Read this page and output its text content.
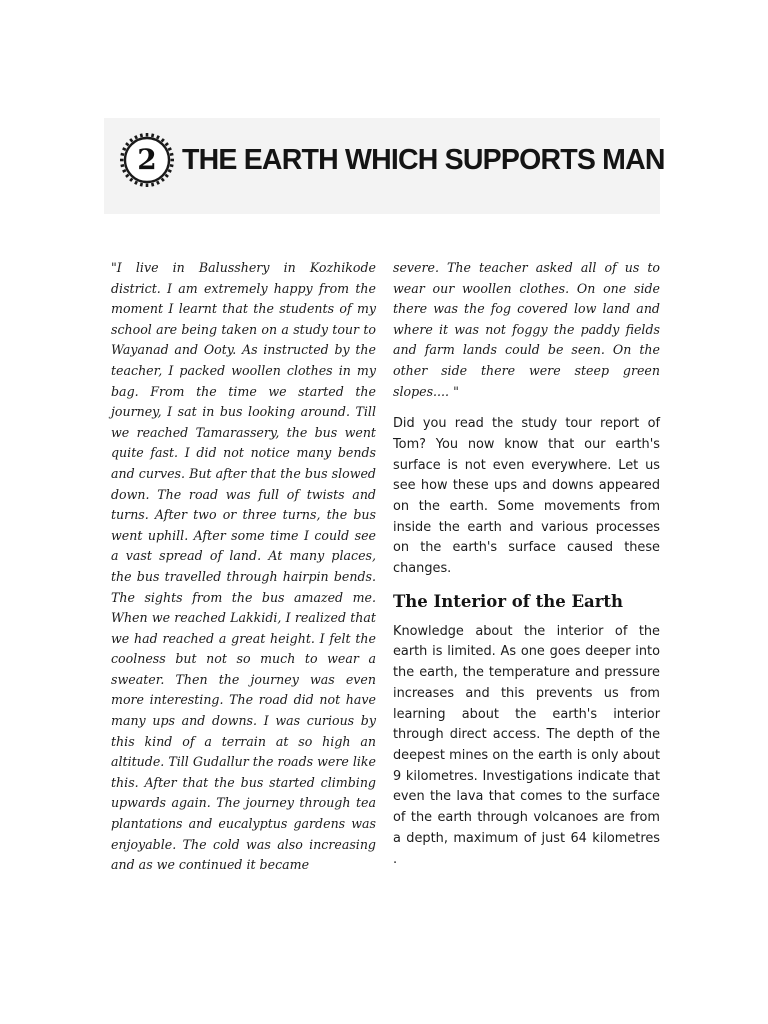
2 THE EARTH WHICH SUPPORTS MAN
"I live in Balusshery in Kozhikode district. I am extremely happy from the moment I learnt that the students of my school are being taken on a study tour to Wayanad and Ooty. As instructed by the teacher, I packed woollen clothes in my bag. From the time we started the journey, I sat in bus looking around. Till we reached Tamarassery, the bus went quite fast. I did not notice many bends and curves. But after that the bus slowed down. The road was full of twists and turns. After two or three turns, the bus went uphill. After some time I could see a vast spread of land. At many places, the bus travelled through hairpin bends. The sights from the bus amazed me. When we reached Lakkidi, I realized that we had reached a great height. I felt the coolness but not so much to wear a sweater. Then the journey was even more interesting. The road did not have many ups and downs. I was curious by this kind of a terrain at so high an altitude. Till Gudallur the roads were like this. After that the bus started climbing upwards again. The journey through tea plantations and eucalyptus gardens was enjoyable. The cold was also increasing and as we continued it became

severe. The teacher asked all of us to wear our woollen clothes. On one side there was the fog covered low land and where it was not foggy the paddy fields and farm lands could be seen. On the other side there were steep green slopes.... "

Did you read the study tour report of Tom? You now know that our earth's surface is not even everywhere. Let us see how these ups and downs appeared on the earth. Some movements from inside the earth and various processes on the earth's surface caused these changes.

The Interior of the Earth

Knowledge about the interior of the earth is limited. As one goes deeper into the earth, the temperature and pressure increases and this prevents us from learning about the earth's interior through direct access. The depth of the deepest mines on the earth is only about 9 kilometres. Investigations indicate that even the lava that comes to the surface of the earth through volcanoes are from a depth, maximum of just 64 kilometres .
